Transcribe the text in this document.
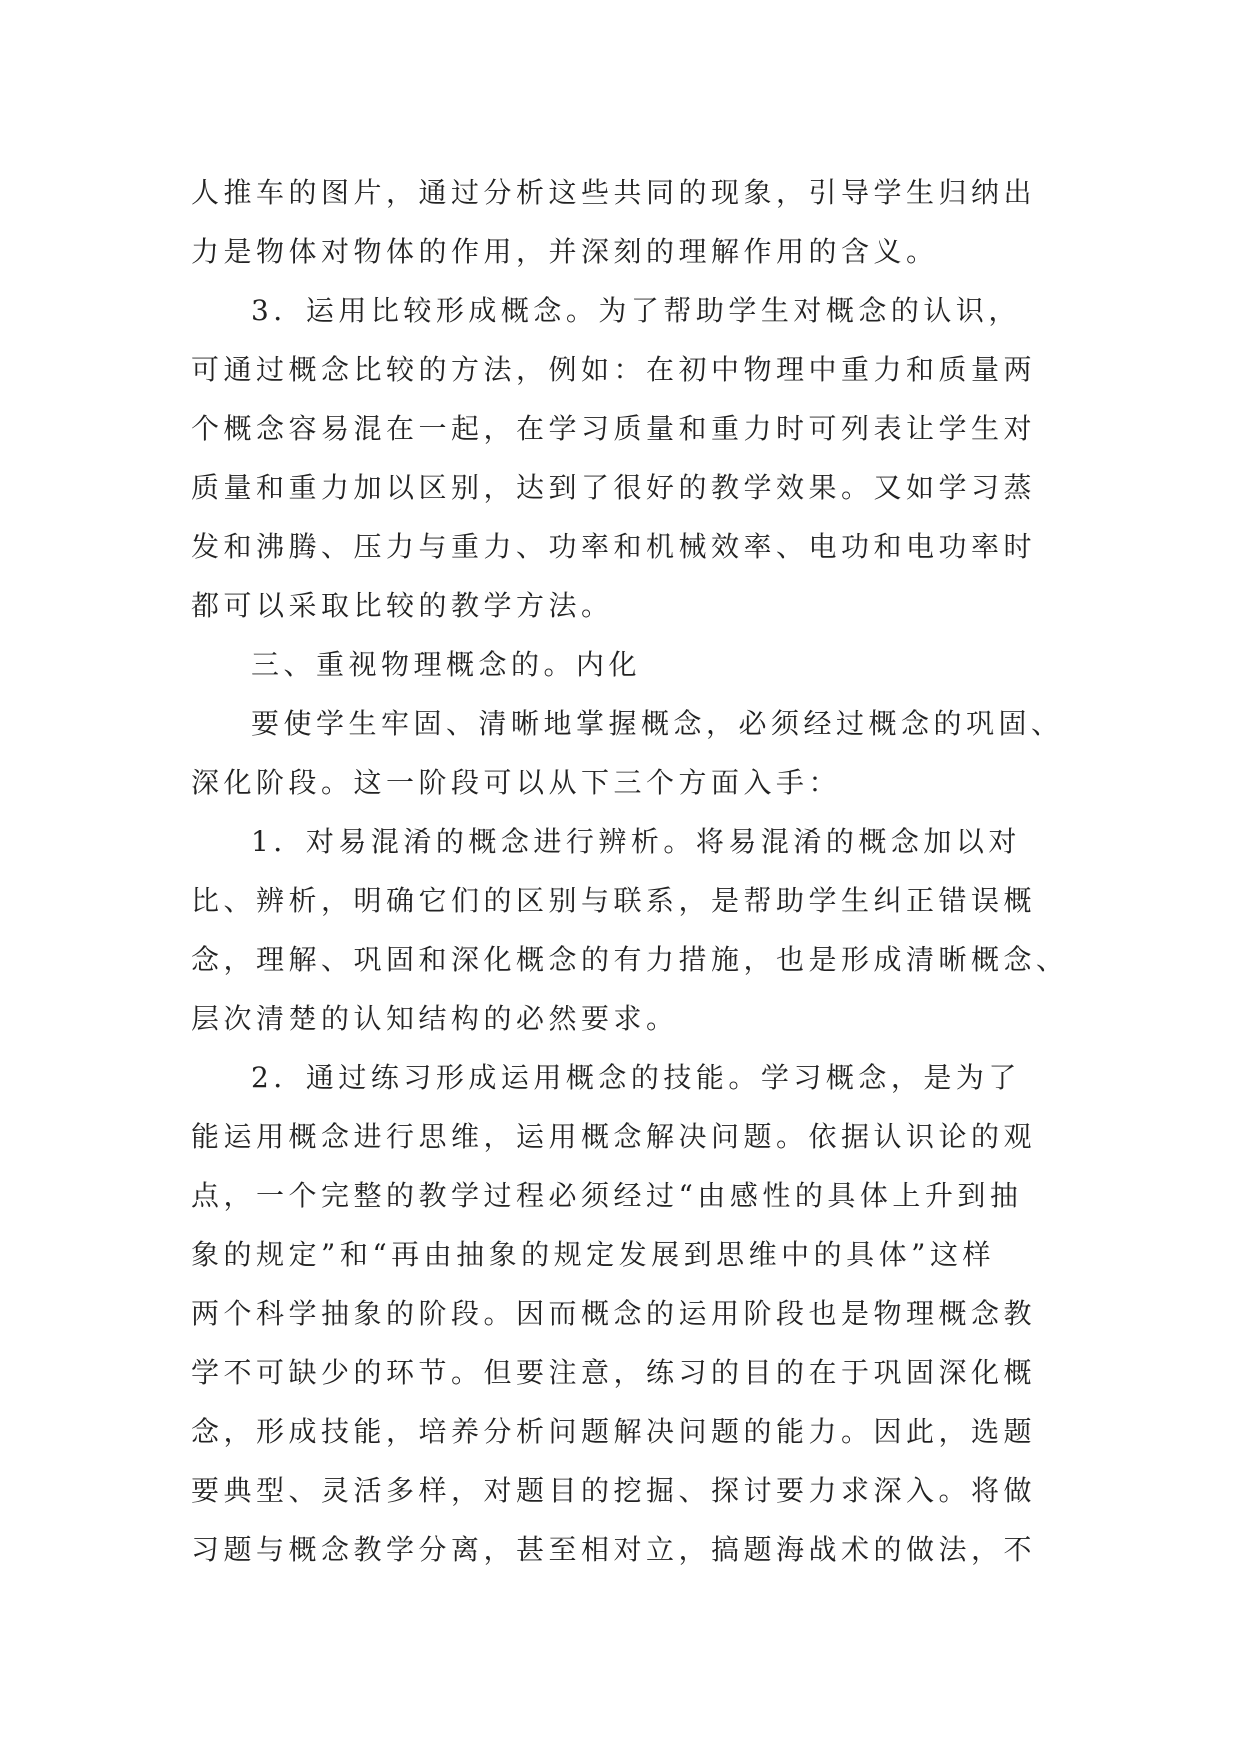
人推车的图片，通过分析这些共同的现象，引导学生归纳出
力是物体对物体的作用，并深刻的理解作用的含义。
3．运用比较形成概念。为了帮助学生对概念的认识，
可通过概念比较的方法，例如：在初中物理中重力和质量两
个概念容易混在一起，在学习质量和重力时可列表让学生对
质量和重力加以区别，达到了很好的教学效果。又如学习蒸
发和沸腾、压力与重力、功率和机械效率、电功和电功率时
都可以采取比较的教学方法。
三、重视物理概念的。内化
要使学生牢固、清晰地掌握概念，必须经过概念的巩固、
深化阶段。这一阶段可以从下三个方面入手：
1．对易混淆的概念进行辨析。将易混淆的概念加以对
比、辨析，明确它们的区别与联系，是帮助学生纠正错误概
念，理解、巩固和深化概念的有力措施，也是形成清晰概念、
层次清楚的认知结构的必然要求。
2．通过练习形成运用概念的技能。学习概念，是为了
能运用概念进行思维，运用概念解决问题。依据认识论的观
点，一个完整的教学过程必须经过“由感性的具体上升到抽
象的规定”和“再由抽象的规定发展到思维中的具体”这样
两个科学抽象的阶段。因而概念的运用阶段也是物理概念教
学不可缺少的环节。但要注意，练习的目的在于巩固深化概
念，形成技能，培养分析问题解决问题的能力。因此，选题
要典型、灵活多样，对题目的挖掘、探讨要力求深入。将做
习题与概念教学分离，甚至相对立，搞题海战术的做法，不
